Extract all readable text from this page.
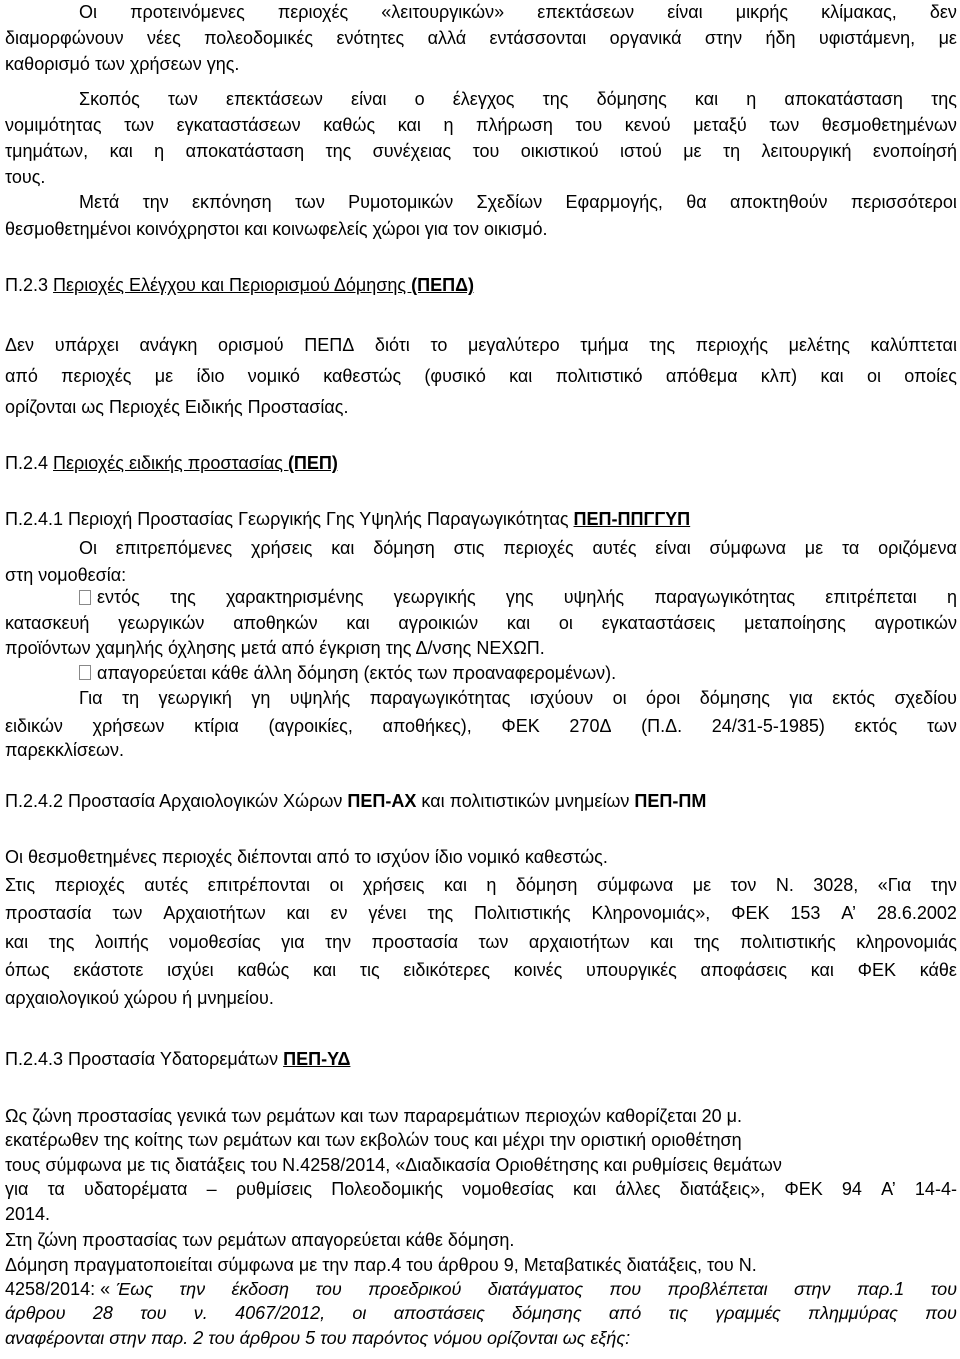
Οι προτεινόμενες περιοχές «λειτουργικών» επεκτάσεων είναι μικρής κλίμακας, δεν
διαμορφώνουν νέες πολεοδομικές ενότητες αλλά εντάσσονται οργανικά στην ήδη υφιστάμενη, με
καθορισμό των χρήσεων γης.
Σκοπός των επεκτάσεων είναι ο έλεγχος της δόμησης και η αποκατάσταση της
νομιμότητας των εγκαταστάσεων καθώς και η πλήρωση του κενού μεταξύ των θεσμοθετημένων
τμημάτων, και η αποκατάσταση της συνέχειας του οικιστικού ιστού με τη λειτουργική ενοποίησή
τους.
Μετά την εκπόνηση των Ρυμοτομικών Σχεδίων Εφαρμογής, θα αποκτηθούν περισσότεροι
θεσμοθετημένοι κοινόχρηστοι και κοινωφελείς χώροι για τον οικισμό.
Π.2.3 Περιοχές Ελέγχου και Περιορισμού Δόμησης (ΠΕΠΔ)
Δεν υπάρχει ανάγκη ορισμού ΠΕΠΔ διότι το μεγαλύτερο τμήμα της περιοχής μελέτης καλύπτεται
από περιοχές με ίδιο νομικό καθεστώς (φυσικό και πολιτιστικό απόθεμα κλπ) και οι οποίες
ορίζονται ως Περιοχές Ειδικής Προστασίας.
Π.2.4 Περιοχές ειδικής προστασίας (ΠΕΠ)
Π.2.4.1 Περιοχή Προστασίας Γεωργικής Γης Υψηλής Παραγωγικότητας ΠΕΠ-ΠΠΓΓΥΠ
Οι επιτρεπόμενες χρήσεις και δόμηση στις περιοχές αυτές είναι σύμφωνα με τα οριζόμενα
στη νομοθεσία:
εντός της χαρακτηρισμένης γεωργικής γης υψηλής παραγωγικότητας επιτρέπεται η
κατασκευή γεωργικών αποθηκών και αγροικιών και οι εγκαταστάσεις μεταποίησης αγροτικών
προϊόντων χαμηλής όχλησης μετά από έγκριση της Δ/νσης ΝΕΧΩΠ.
απαγορεύεται κάθε άλλη δόμηση (εκτός των προαναφερομένων).
Για τη γεωργική γη υψηλής παραγωγικότητας ισχύουν οι όροι δόμησης για εκτός σχεδίου
ειδικών χρήσεων κτίρια (αγροικίες, αποθήκες), ΦΕΚ 270Δ (Π.Δ. 24/31-5-1985) εκτός των
παρεκκλίσεων.
Π.2.4.2 Προστασία Αρχαιολογικών Χώρων ΠΕΠ-ΑΧ και πολιτιστικών μνημείων ΠΕΠ-ΠΜ
Οι θεσμοθετημένες περιοχές διέπονται από το ισχύον ίδιο νομικό καθεστώς.
Στις περιοχές αυτές επιτρέπονται οι χρήσεις και η δόμηση σύμφωνα με τον Ν. 3028, «Για την
προστασία των Αρχαιοτήτων και εν γένει της Πολιτιστικής Κληρονομιάς», ΦΕΚ 153 Α’ 28.6.2002
και της λοιπής νομοθεσίας για την προστασία των αρχαιοτήτων και της πολιτιστικής κληρονομιάς
όπως εκάστοτε ισχύει καθώς και τις ειδικότερες κοινές υπουργικές αποφάσεις και ΦΕΚ κάθε
αρχαιολογικού χώρου ή μνημείου.
Π.2.4.3 Προστασία Υδατορεμάτων ΠΕΠ-ΥΔ
Ως ζώνη προστασίας γενικά των ρεμάτων και των παραρεμάτιων περιοχών καθορίζεται 20 μ.
εκατέρωθεν της κοίτης των ρεμάτων και των εκβολών τους και μέχρι την οριστική οριοθέτηση
τους σύμφωνα με τις διατάξεις του Ν.4258/2014, «Διαδικασία Οριοθέτησης και ρυθμίσεις θεμάτων
για τα υδατορέματα – ρυθμίσεις Πολεοδομικής νομοθεσίας και άλλες διατάξεις», ΦΕΚ 94 Α’ 14-4-
2014.
Στη ζώνη προστασίας των ρεμάτων απαγορεύεται κάθε δόμηση.
Δόμηση πραγματοποιείται σύμφωνα με την παρ.4 του άρθρου 9, Μεταβατικές διατάξεις, του Ν.
4258/2014: « Έως την έκδοση του προεδρικού διατάγματος που προβλέπεται στην παρ.1 του
άρθρου 28 του ν. 4067/2012, οι αποστάσεις δόμησης από τις γραμμές πλημμύρας που
αναφέρονται στην παρ. 2 του άρθρου 5 του παρόντος νόμου ορίζονται ως εξής:
